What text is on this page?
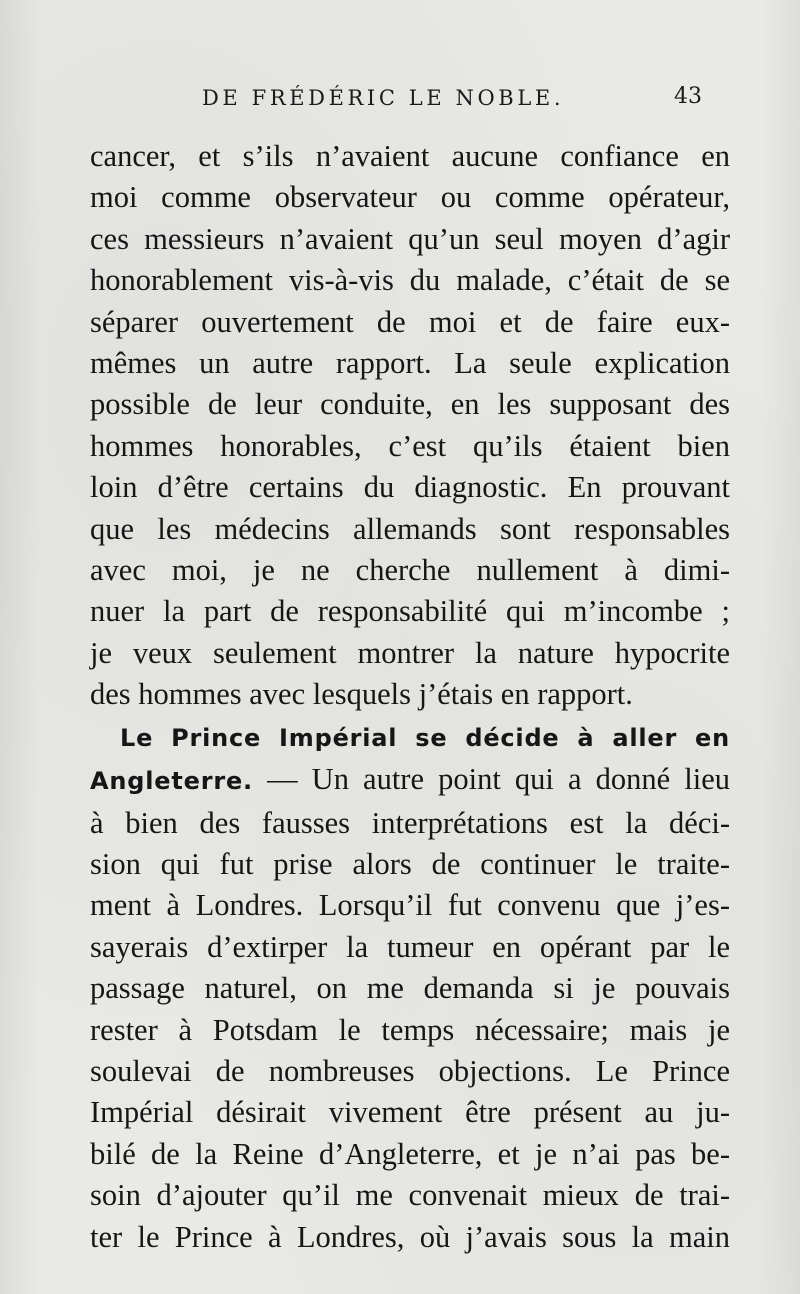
DE FRÉDÉRIC LE NOBLE.	43
cancer, et s’ils n’avaient aucune confiance en
moi comme observateur ou comme opérateur,
ces messieurs n’avaient qu’un seul moyen d’agir
honorablement vis-à-vis du malade, c’était de se
séparer ouvertement de moi et de faire eux-
mêmes un autre rapport. La seule explication
possible de leur conduite, en les supposant des
hommes honorables, c’est qu’ils étaient bien
loin d’être certains du diagnostic. En prouvant
que les médecins allemands sont responsables
avec moi, je ne cherche nullement à dimi-
nuer la part de responsabilité qui m’incombe ;
je veux seulement montrer la nature hypocrite
des hommes avec lesquels j’étais en rapport.
Le Prince Impérial se décide à aller en
Angleterre. — Un autre point qui a donné lieu
à bien des fausses interprétations est la déci-
sion qui fut prise alors de continuer le traite-
ment à Londres. Lorsqu’il fut convenu que j’es-
sayerais d’extirper la tumeur en opérant par le
passage naturel, on me demanda si je pouvais
rester à Potsdam le temps nécessaire; mais je
soulevai de nombreuses objections. Le Prince
Impérial désirait vivement être présent au ju-
bilé de la Reine d’Angleterre, et je n’ai pas be-
soin d’ajouter qu’il me convenait mieux de trai-
ter le Prince à Londres, où j’avais sous la main
